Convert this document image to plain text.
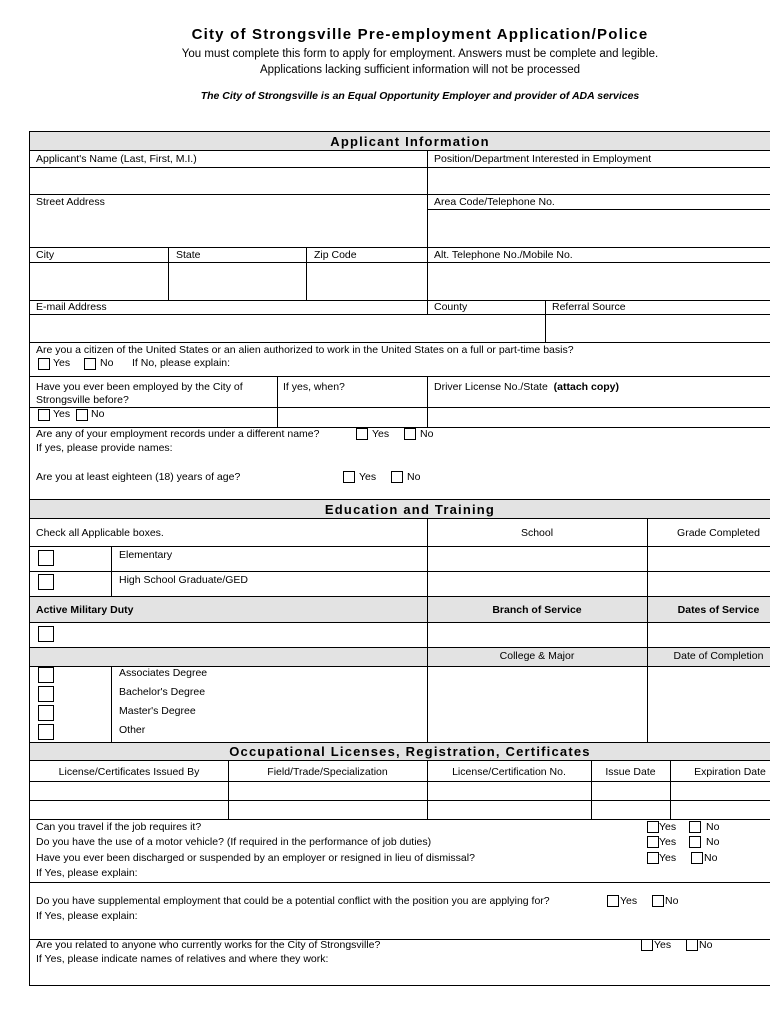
City of Strongsville Pre-employment Application/Police
You must complete this form to apply for employment. Answers must be complete and legible.
Applications lacking sufficient information will not be processed
The City of Strongsville is an Equal Opportunity Employer and provider of ADA services
Applicant Information
Applicant's Name (Last, First, M.I.)	Position/Department Interested in Employment
Street Address	Area Code/Telephone No.
City	State	Zip Code	Alt. Telephone No./Mobile No.
E-mail Address	County	Referral Source
Are you a citizen of the United States or an alien authorized to work in the United States on a full or part-time basis?
Yes	No If No, please explain:
Have you ever been employed by the City of
Strongsville before?
Yes No
If yes, when?	Driver License No./State (attach copy)
Are any of your employment records under a different name?	Yes	No
If yes, please provide names:
Are you at least eighteen (18) years of age?	Yes	No
Education and Training
Check all Applicable boxes.	School	Grade Completed
Elementary
High School Graduate/GED
Active Military Duty	Branch of Service	Dates of Service
College & Major	Date of Completion
Associates Degree
Bachelor's Degree
Master's Degree
Other
Occupational Licenses, Registration, Certificates
License/Certificates Issued By	Field/Trade/Specialization	License/Certification No.	Issue Date	Expiration Date
Can you travel if the job requires it?	Yes	No
Do you have the use of a motor vehicle? (If required in the performance of job duties)	Yes	No
Have you ever been discharged or suspended by an employer or resigned in lieu of dismissal?	Yes	No
If Yes, please explain:
Do you have supplemental employment that could be a potential conflict with the position you are applying for?	Yes	No
If Yes, please explain:
Are you related to anyone who currently works for the City of Strongsville?	Yes	No
If Yes, please indicate names of relatives and where they work:
